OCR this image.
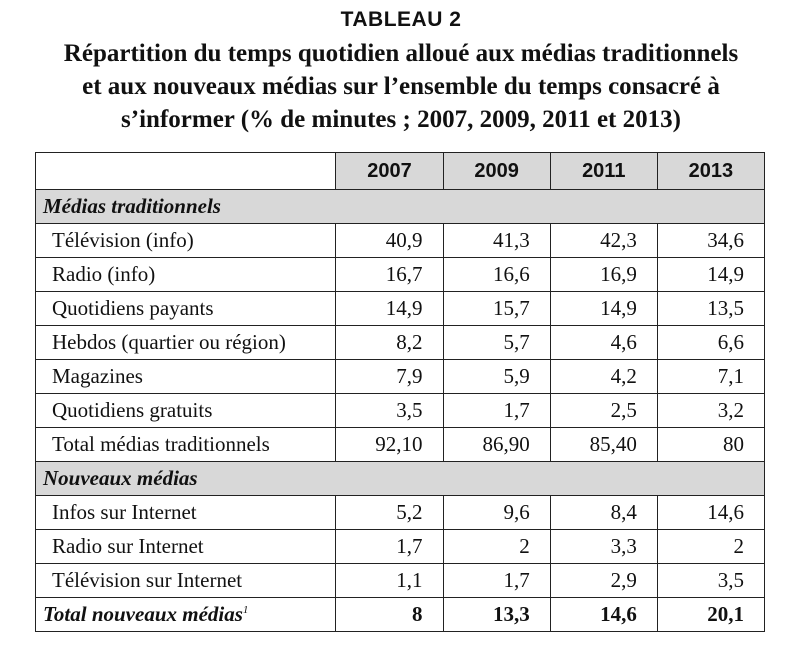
TABLEAU 2
Répartition du temps quotidien alloué aux médias traditionnels
et aux nouveaux médias sur l’ensemble du temps consacré à
s’informer (% de minutes ; 2007, 2009, 2011 et 2013)
	2007	2009	2011	2013
Médias traditionnels				
Télévision (info)	40,9	41,3	42,3	34,6
Radio (info)	16,7	16,6	16,9	14,9
Quotidiens payants	14,9	15,7	14,9	13,5
Hebdos (quartier ou région)	8,2	5,7	4,6	6,6
Magazines	7,9	5,9	4,2	7,1
Quotidiens gratuits	3,5	1,7	2,5	3,2
Total médias traditionnels	92,10	86,90	85,40	80
Nouveaux médias				
Infos sur Internet	5,2	9,6	8,4	14,6
Radio sur Internet	1,7	2	3,3	2
Télévision sur Internet	1,1	1,7	2,9	3,5
Total nouveaux médias$^1$	8	13,3	14,6	20,1
